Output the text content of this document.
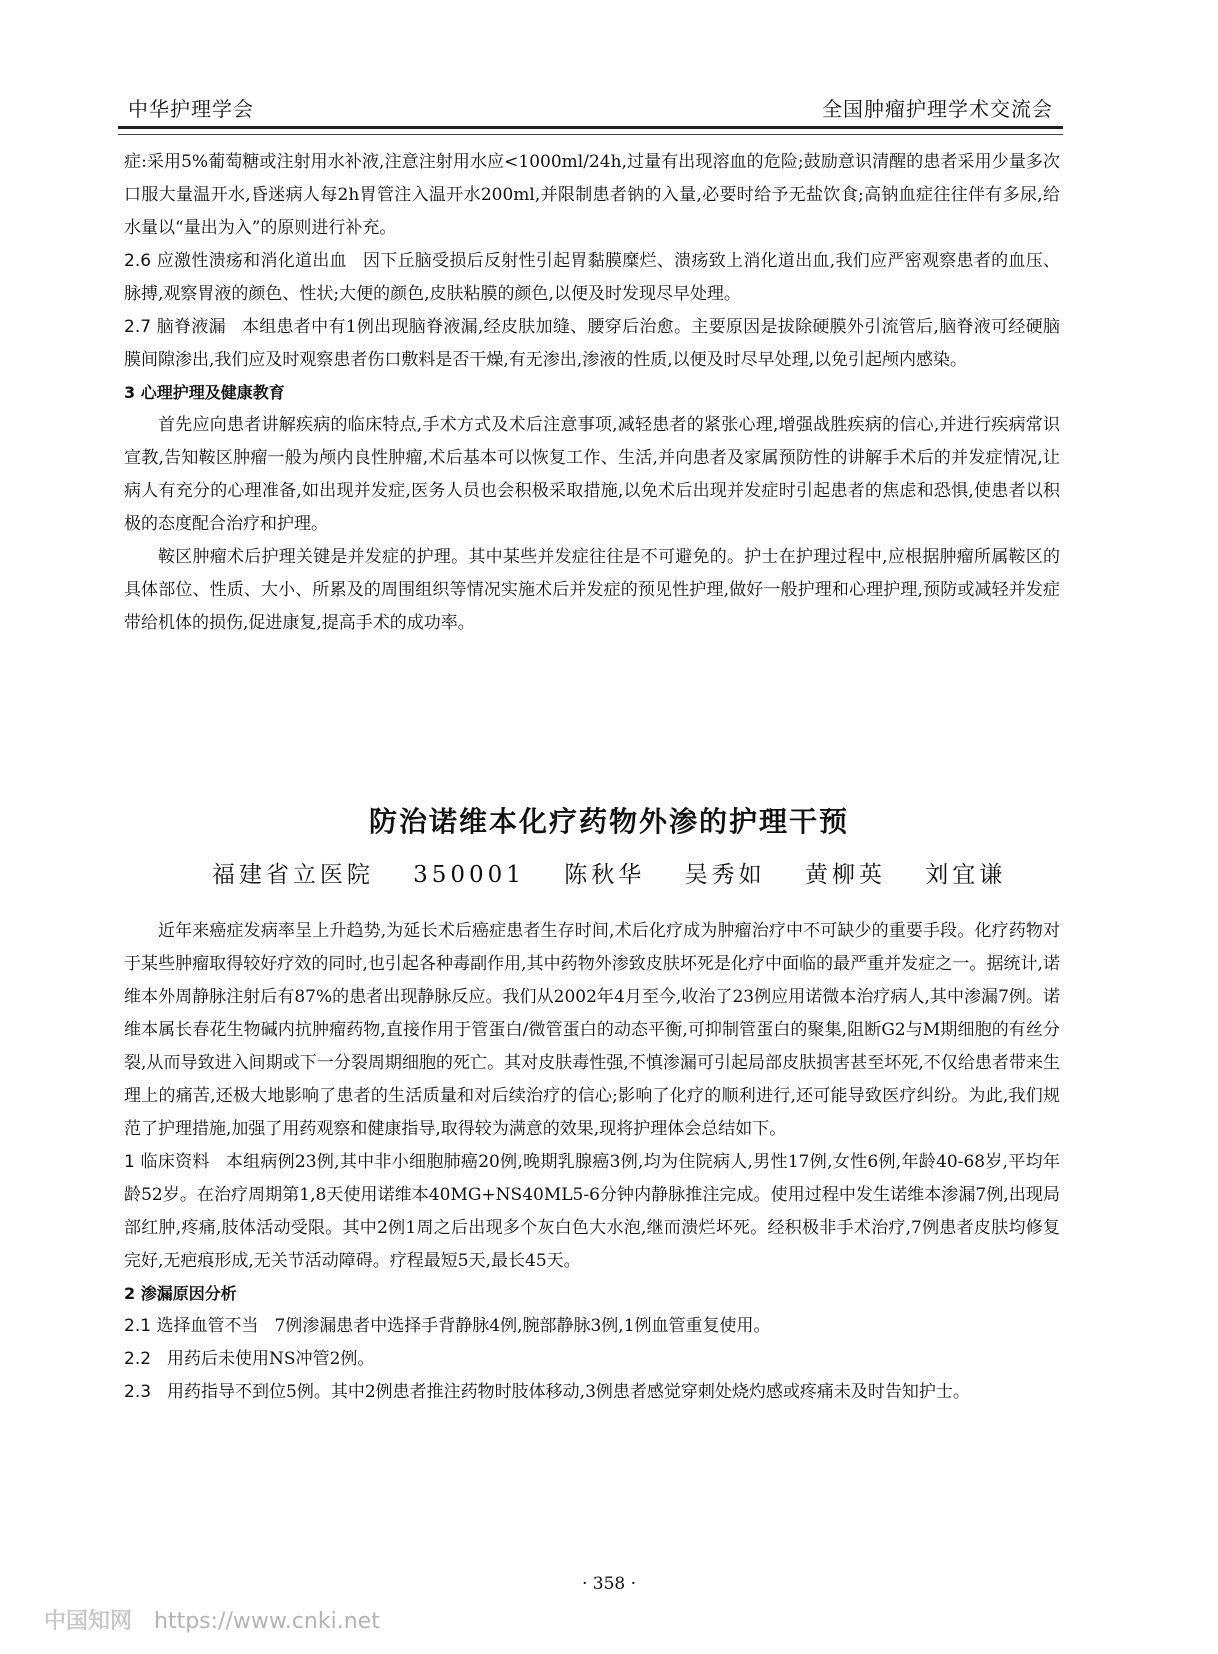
中华护理学会	全国肿瘤护理学术交流会

症:采用5%葡萄糖或注射用水补液,注意注射用水应<1000ml/24h,过量有出现溶血的危险;鼓励意识清醒的患者采用少量多次口服大量温开水,昏迷病人每2h胃管注入温开水200ml,并限制患者钠的入量,必要时给予无盐饮食;高钠血症往往伴有多尿,给水量以“量出为入”的原则进行补充。

2.6 应激性溃疡和消化道出血 因下丘脑受损后反射性引起胃黏膜糜烂、溃疡致上消化道出血,我们应严密观察患者的血压、脉搏,观察胃液的颜色、性状;大便的颜色,皮肤粘膜的颜色,以便及时发现尽早处理。

2.7 脑脊液漏 本组患者中有1例出现脑脊液漏,经皮肤加缝、腰穿后治愈。主要原因是拔除硬膜外引流管后,脑脊液可经硬脑膜间隙渗出,我们应及时观察患者伤口敷料是否干燥,有无渗出,渗液的性质,以便及时尽早处理,以免引起颅内感染。

3 心理护理及健康教育

首先应向患者讲解疾病的临床特点,手术方式及术后注意事项,减轻患者的紧张心理,增强战胜疾病的信心,并进行疾病常识宣教,告知鞍区肿瘤一般为颅内良性肿瘤,术后基本可以恢复工作、生活,并向患者及家属预防性的讲解手术后的并发症情况,让病人有充分的心理准备,如出现并发症,医务人员也会积极采取措施,以免术后出现并发症时引起患者的焦虑和恐惧,使患者以积极的态度配合治疗和护理。

鞍区肿瘤术后护理关键是并发症的护理。其中某些并发症往往是不可避免的。护士在护理过程中,应根据肿瘤所属鞍区的具体部位、性质、大小、所累及的周围组织等情况实施术后并发症的预见性护理,做好一般护理和心理护理,预防或减轻并发症带给机体的损伤,促进康复,提高手术的成功率。

防治诺维本化疗药物外渗的护理干预
福建省立医院 350001 陈秋华 吴秀如 黄柳英 刘宜谦

近年来癌症发病率呈上升趋势,为延长术后癌症患者生存时间,术后化疗成为肿瘤治疗中不可缺少的重要手段。化疗药物对于某些肿瘤取得较好疗效的同时,也引起各种毒副作用,其中药物外渗致皮肤坏死是化疗中面临的最严重并发症之一。据统计,诺维本外周静脉注射后有87%的患者出现静脉反应。我们从2002年4月至今,收治了23例应用诺微本治疗病人,其中渗漏7例。诺维本属长春花生物碱内抗肿瘤药物,直接作用于管蛋白/微管蛋白的动态平衡,可抑制管蛋白的聚集,阻断G2与M期细胞的有丝分裂,从而导致进入间期或下一分裂周期细胞的死亡。其对皮肤毒性强,不慎渗漏可引起局部皮肤损害甚至坏死,不仅给患者带来生理上的痛苦,还极大地影响了患者的生活质量和对后续治疗的信心;影响了化疗的顺利进行,还可能导致医疗纠纷。为此,我们规范了护理措施,加强了用药观察和健康指导,取得较为满意的效果,现将护理体会总结如下。

1 临床资料 本组病例23例,其中非小细胞肺癌20例,晚期乳腺癌3例,均为住院病人,男性17例,女性6例,年龄40-68岁,平均年龄52岁。在治疗周期第1,8天使用诺维本40MG+NS40ML5-6分钟内静脉推注完成。使用过程中发生诺维本渗漏7例,出现局部红肿,疼痛,肢体活动受限。其中2例1周之后出现多个灰白色大水泡,继而溃烂坏死。经积极非手术治疗,7例患者皮肤均修复完好,无疤痕形成,无关节活动障碍。疗程最短5天,最长45天。

2 渗漏原因分析

2.1 选择血管不当 7例渗漏患者中选择手背静脉4例,腕部静脉3例,1例血管重复使用。

2.2 用药后未使用NS冲管2例。

2.3 用药指导不到位5例。其中2例患者推注药物时肢体移动,3例患者感觉穿刺处烧灼感或疼痛未及时告知护士。

· 358 ·
中国知网 https://www.cnki.net
